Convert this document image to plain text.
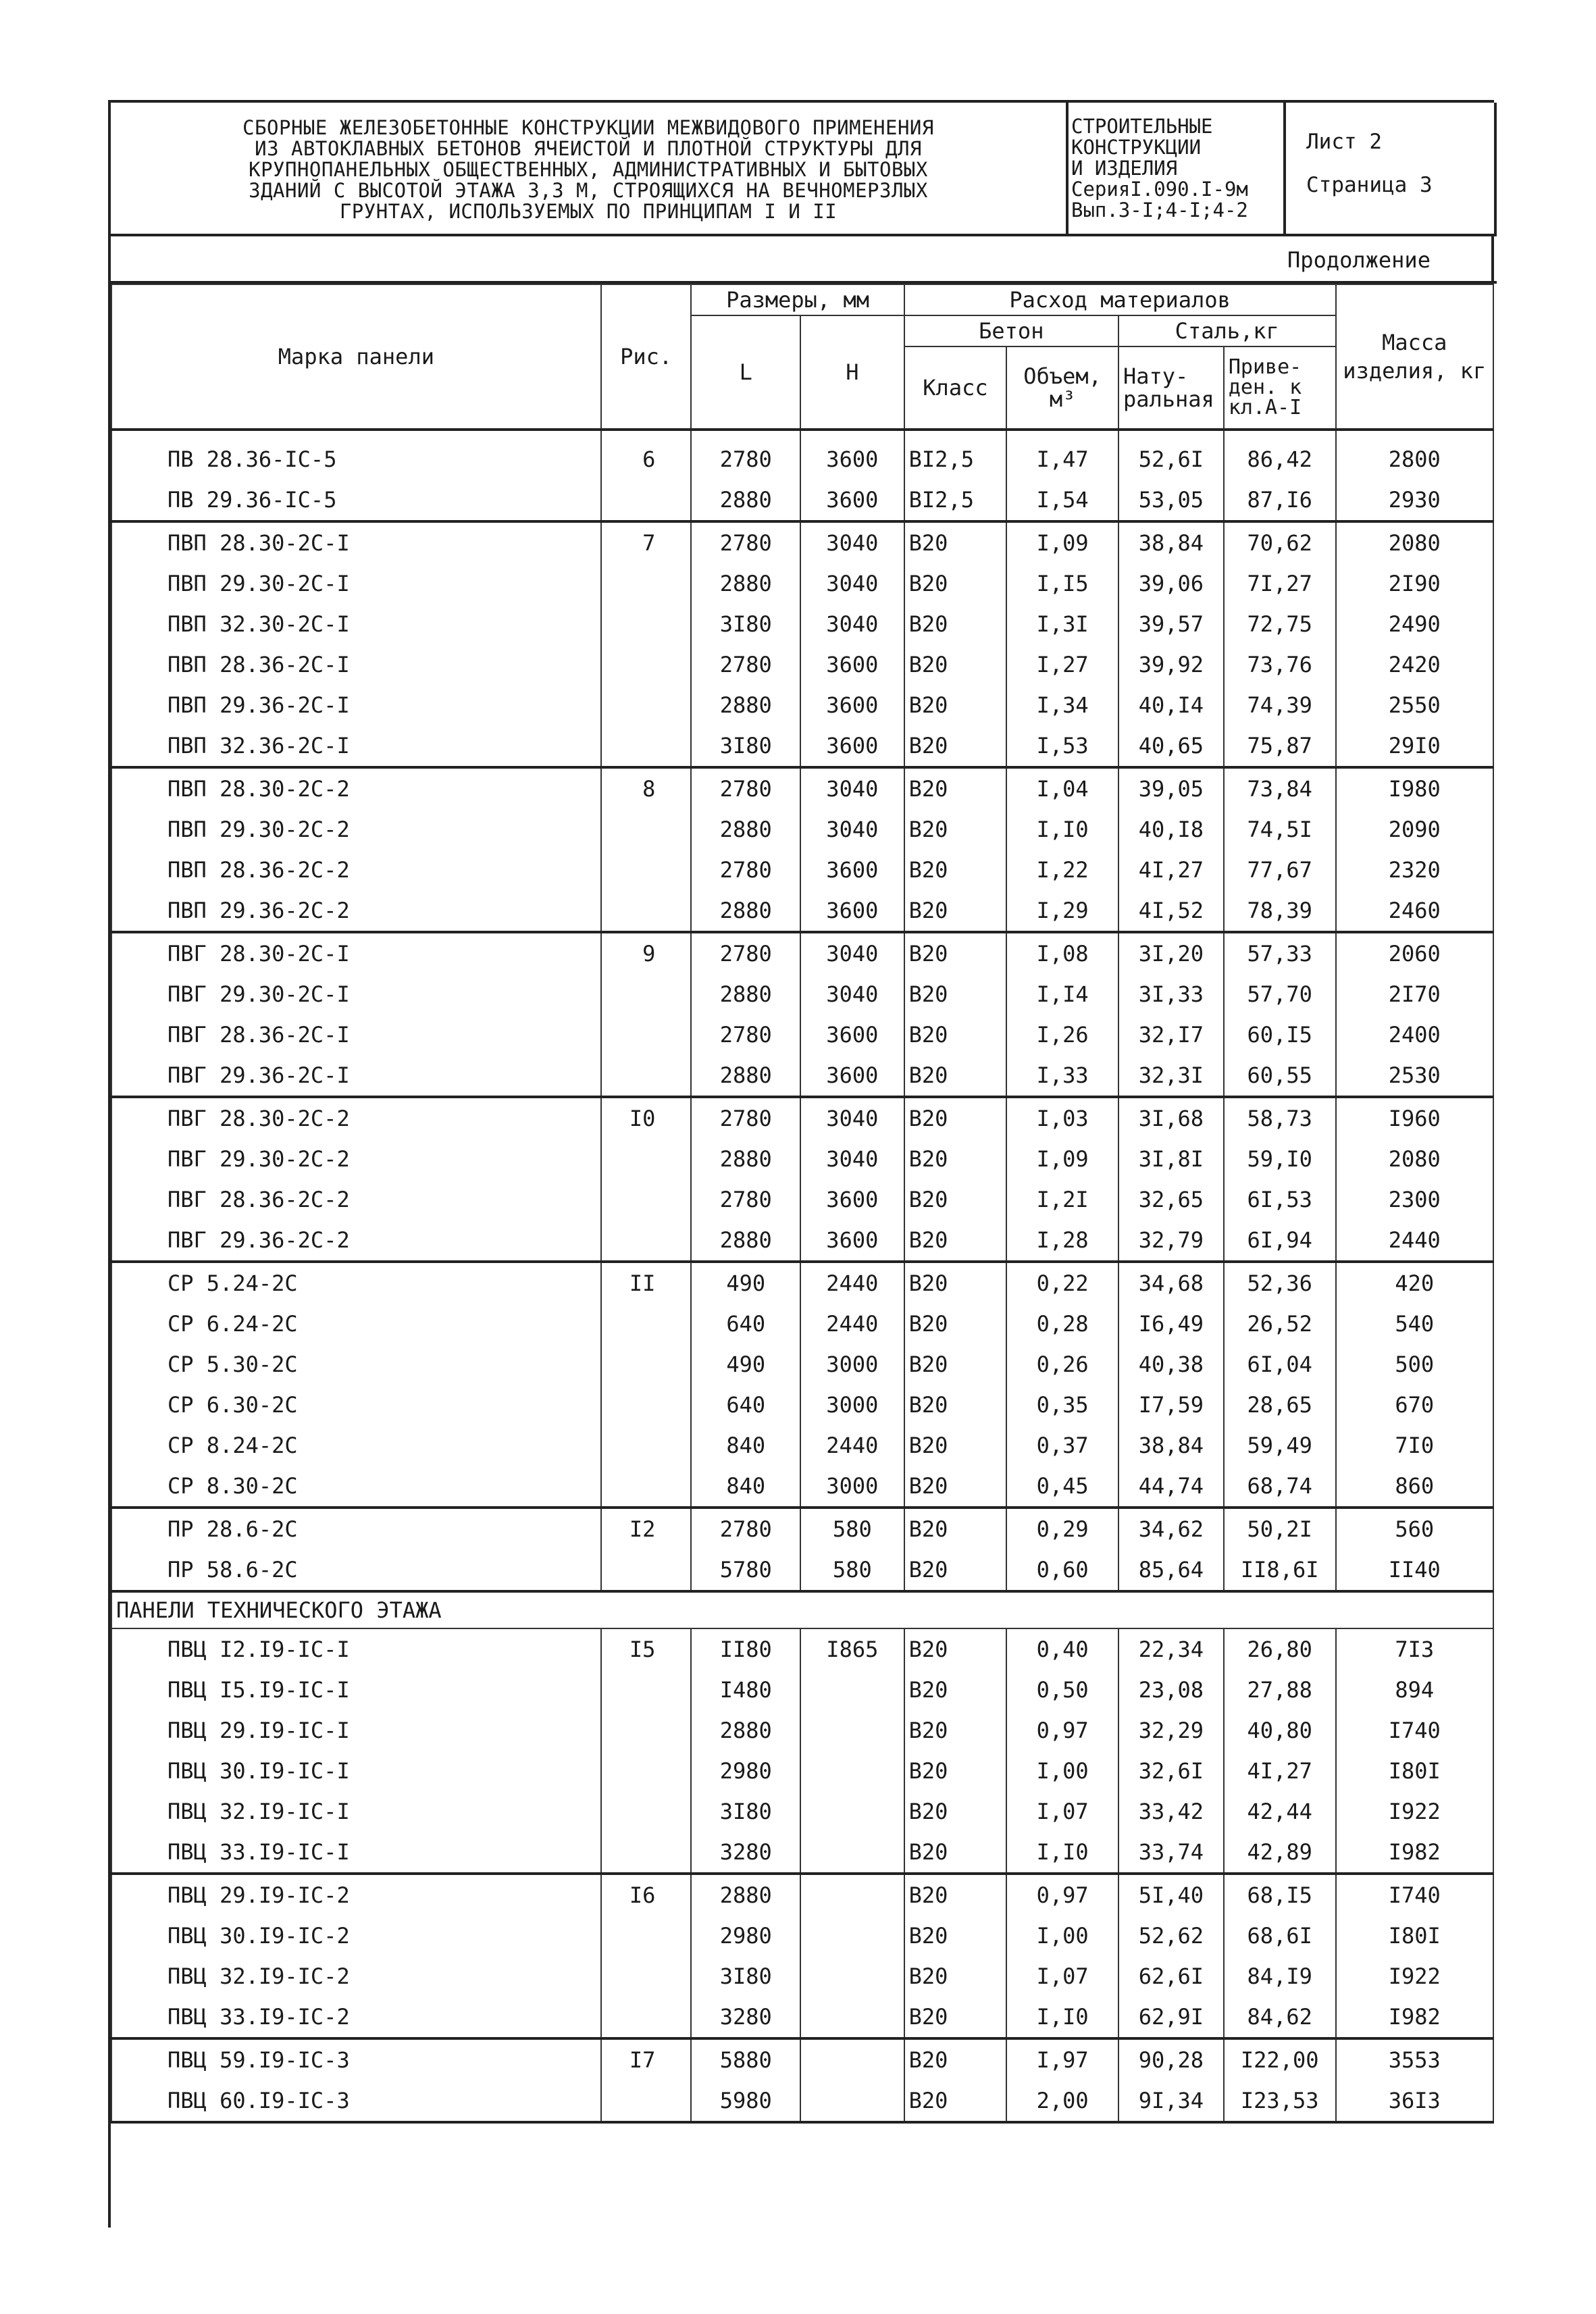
СБОРНЫЕ ЖЕЛЕЗОБЕТОННЫЕ КОНСТРУКЦИИ МЕЖВИДОВОГО ПРИМЕНЕНИЯ
ИЗ АВТОКЛАВНЫХ БЕТОНОВ ЯЧЕИСТОЙ И ПЛОТНОЙ СТРУКТУРЫ ДЛЯ
КРУПНОПАНЕЛЬНЫХ ОБЩЕСТВЕННЫХ, АДМИНИСТРАТИВНЫХ И БЫТОВЫХ
ЗДАНИЙ С ВЫСОТОЙ ЭТАЖА 3,3 М, СТРОЯЩИХСЯ НА ВЕЧНОМЕРЗЛЫХ
ГРУНТАХ, ИСПОЛЬЗУЕМЫХ ПО ПРИНЦИПАМ I И II
СТРОИТЕЛЬНЫЕ
КОНСТРУКЦИИ
И ИЗДЕЛИЯ
СерияI.090.I-9м
Вып.3-I;4-I;4-2
Лист 2
Страница 3
Продолжение
Марка панели	Рис.	Размеры, мм		Расход материалов				Масса изделия, кг

		L	H	Бетон		Сталь,кг		
				Класс	Объем, м³	Нату- ральная	Приве- ден. к кл.А-I	
ПВ 28.36-IС-5	6	2780	3600	BI2,5	I,47	52,6I	86,42	2800
ПВ 29.36-IС-5		2880	3600	BI2,5	I,54	53,05	87,I6	2930
ПВП 28.30-2С-I	7	2780	3040	B20	I,09	38,84	70,62	2080
ПВП 29.30-2С-I		2880	3040	B20	I,I5	39,06	7I,27	2I90
ПВП 32.30-2С-I		3I80	3040	B20	I,3I	39,57	72,75	2490
ПВП 28.36-2С-I		2780	3600	B20	I,27	39,92	73,76	2420
ПВП 29.36-2С-I		2880	3600	B20	I,34	40,I4	74,39	2550
ПВП 32.36-2С-I		3I80	3600	B20	I,53	40,65	75,87	29I0
ПВП 28.30-2С-2	8	2780	3040	B20	I,04	39,05	73,84	I980
ПВП 29.30-2С-2		2880	3040	B20	I,I0	40,I8	74,5I	2090
ПВП 28.36-2С-2		2780	3600	B20	I,22	4I,27	77,67	2320
ПВП 29.36-2С-2		2880	3600	B20	I,29	4I,52	78,39	2460
ПВГ 28.30-2С-I	9	2780	3040	B20	I,08	3I,20	57,33	2060
ПВГ 29.30-2С-I		2880	3040	B20	I,I4	3I,33	57,70	2I70
ПВГ 28.36-2С-I		2780	3600	B20	I,26	32,I7	60,I5	2400
ПВГ 29.36-2С-I		2880	3600	B20	I,33	32,3I	60,55	2530
ПВГ 28.30-2С-2	I0	2780	3040	B20	I,03	3I,68	58,73	I960
ПВГ 29.30-2С-2		2880	3040	B20	I,09	3I,8I	59,I0	2080
ПВГ 28.36-2С-2		2780	3600	B20	I,2I	32,65	6I,53	2300
ПВГ 29.36-2С-2		2880	3600	B20	I,28	32,79	6I,94	2440
СР 5.24-2С	II	490	2440	B20	0,22	34,68	52,36	420
СР 6.24-2С		640	2440	B20	0,28	I6,49	26,52	540
СР 5.30-2С		490	3000	B20	0,26	40,38	6I,04	500
СР 6.30-2С		640	3000	B20	0,35	I7,59	28,65	670
СР 8.24-2С		840	2440	B20	0,37	38,84	59,49	7I0
СР 8.30-2С		840	3000	B20	0,45	44,74	68,74	860
ПР 28.6-2С	I2	2780	580	B20	0,29	34,62	50,2I	560
ПР 58.6-2С		5780	580	B20	0,60	85,64	II8,6I	II40
ПАНЕЛИ ТЕХНИЧЕСКОГО ЭТАЖА								
ПВЦ I2.I9-IС-I	I5	II80	I865	B20	0,40	22,34	26,80	7I3
ПВЦ I5.I9-IС-I		I480		B20	0,50	23,08	27,88	894
ПВЦ 29.I9-IС-I		2880		B20	0,97	32,29	40,80	I740
ПВЦ 30.I9-IС-I		2980		B20	I,00	32,6I	4I,27	I80I
ПВЦ 32.I9-IС-I		3I80		B20	I,07	33,42	42,44	I922
ПВЦ 33.I9-IС-I		3280		B20	I,I0	33,74	42,89	I982
ПВЦ 29.I9-IС-2	I6	2880		B20	0,97	5I,40	68,I5	I740
ПВЦ 30.I9-IС-2		2980		B20	I,00	52,62	68,6I	I80I
ПВЦ 32.I9-IС-2		3I80		B20	I,07	62,6I	84,I9	I922
ПВЦ 33.I9-IС-2		3280		B20	I,I0	62,9I	84,62	I982
ПВЦ 59.I9-IС-3	I7	5880		B20	I,97	90,28	I22,00	3553
ПВЦ 60.I9-IС-3		5980		B20	2,00	9I,34	I23,53	36I3
